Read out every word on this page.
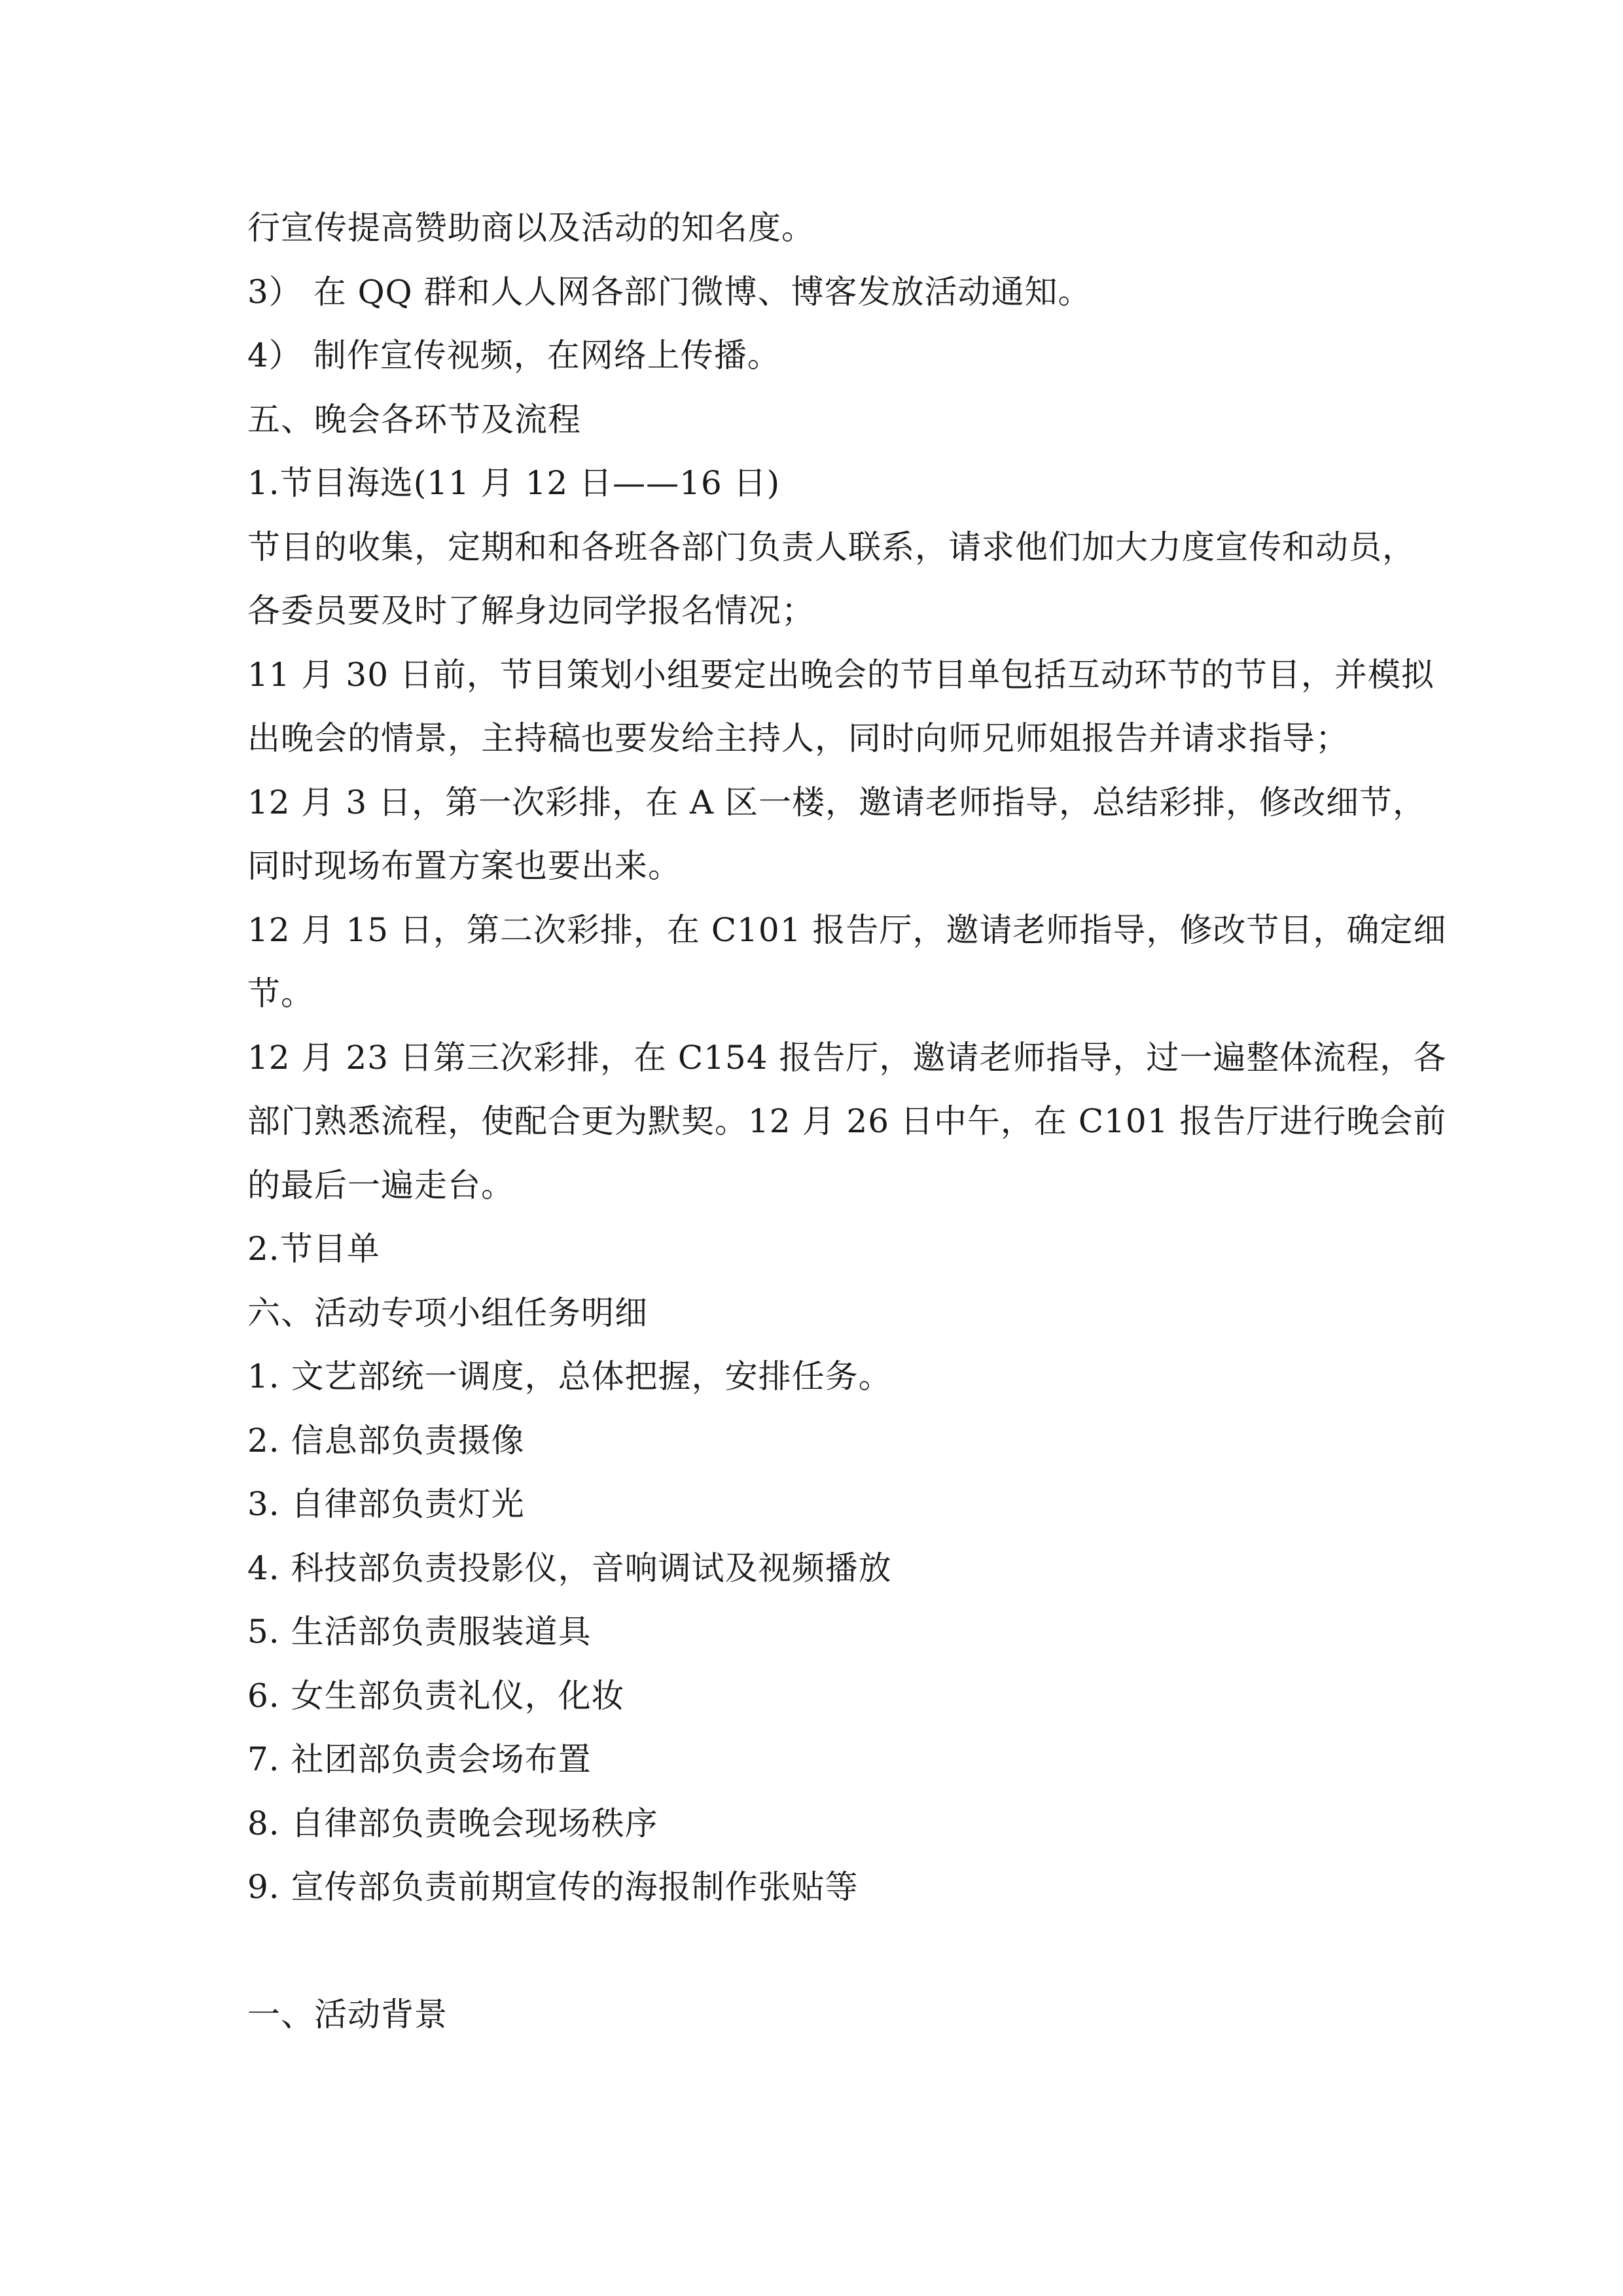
行宣传提高赞助商以及活动的知名度。
3） 在 QQ 群和人人网各部门微博、博客发放活动通知。
4） 制作宣传视频，在网络上传播。
五、晚会各环节及流程
1.节目海选(11 月 12 日——16 日)
节目的收集，定期和和各班各部门负责人联系，请求他们加大力度宣传和动员，
各委员要及时了解身边同学报名情况；
11 月 30 日前，节目策划小组要定出晚会的节目单包括互动环节的节目，并模拟
出晚会的情景，主持稿也要发给主持人，同时向师兄师姐报告并请求指导；
12 月 3 日，第一次彩排，在 A 区一楼，邀请老师指导，总结彩排，修改细节，
同时现场布置方案也要出来。
12 月 15 日，第二次彩排，在 C101 报告厅，邀请老师指导，修改节目，确定细
节。
12 月 23 日第三次彩排，在 C154 报告厅，邀请老师指导，过一遍整体流程，各
部门熟悉流程，使配合更为默契。12 月 26 日中午，在 C101 报告厅进行晚会前
的最后一遍走台。
2.节目单
六、活动专项小组任务明细
1. 文艺部统一调度，总体把握，安排任务。
2. 信息部负责摄像
3. 自律部负责灯光
4. 科技部负责投影仪，音响调试及视频播放
5. 生活部负责服装道具
6. 女生部负责礼仪，化妆
7. 社团部负责会场布置
8. 自律部负责晚会现场秩序
9. 宣传部负责前期宣传的海报制作张贴等
一、活动背景
